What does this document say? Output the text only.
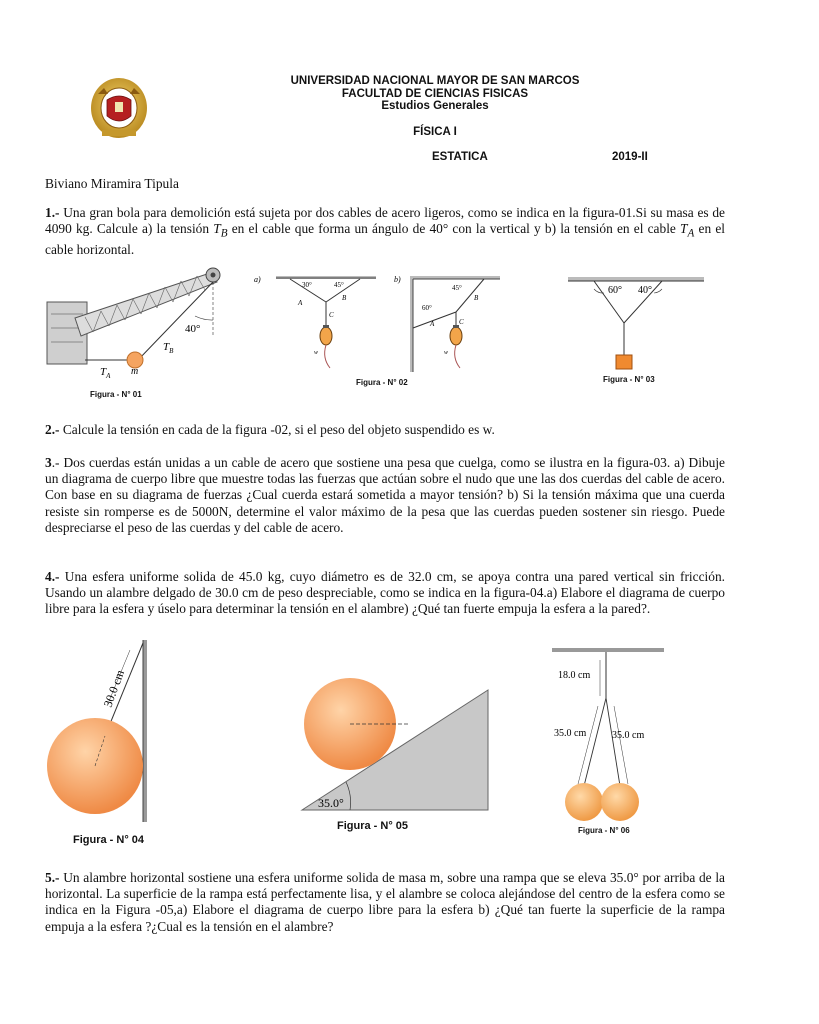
UNIVERSIDAD NACIONAL MAYOR DE SAN MARCOS
FACULTAD DE CIENCIAS FISICAS
Estudios Generales
FÍSICA I
ESTATICA	2019-II
Biviano Miramira Tipula
1.- Una gran bola para demolición está sujeta por dos cables de acero ligeros, como se indica en la figura-01.Si su masa es de 4090 kg. Calcule a) la tensión $T_B$ en el cable que forma un ángulo de 40° con la vertical y b) la tensión en el cable $T_A$ en el cable horizontal.
40°
$T_B$
$T_A$ m
Figura - N° 01
a)
30°	45°
A
B
C
w
b)
45°
60°
A
B
C
w
Figura - N° 02
60° 40°
Figura - N° 03
2.- Calcule la tensión en cada de la figura -02, si el peso del objeto suspendido es w.
3.- Dos cuerdas están unidas a un cable de acero que sostiene una pesa que cuelga, como se ilustra en la figura-03. a) Dibuje un diagrama de cuerpo libre que muestre todas las fuerzas que actúan sobre el nudo que une las dos cuerdas del cable de acero. Con base en su diagrama de fuerzas ¿Cual cuerda estará sometida a mayor tensión? b) Si la tensión máxima que una cuerda resiste sin romperse es de 5000N, determine el valor máximo de la pesa que las cuerdas pueden sostener sin riesgo. Puede despreciarse el peso de las cuerdas y del cable de acero.
4.- Una esfera uniforme solida de 45.0 kg, cuyo diámetro es de 32.0 cm, se apoya contra una pared vertical sin fricción. Usando un alambre delgado de 30.0 cm de peso despreciable, como se indica en la figura-04.a) Elabore el diagrama de cuerpo libre para la esfera y úselo para determinar la tensión en el alambre) ¿Qué tan fuerte empuja la esfera a la pared?.
30.0 cm
Figura - N° 04
35.0°
Figura - N° 05
18.0 cm
35.0 cm	35.0 cm
Figura - N° 06
5.- Un alambre horizontal sostiene una esfera uniforme solida de masa m, sobre una rampa que se eleva 35.0° por arriba de la horizontal. La superficie de la rampa está perfectamente lisa, y el alambre se coloca alejándose del centro de la esfera como se indica en la Figura -05,a) Elabore el diagrama de cuerpo libre para la esfera b) ¿Qué tan fuerte la superficie de la rampa empuja a la esfera ?¿Cual es la tensión en el alambre?
